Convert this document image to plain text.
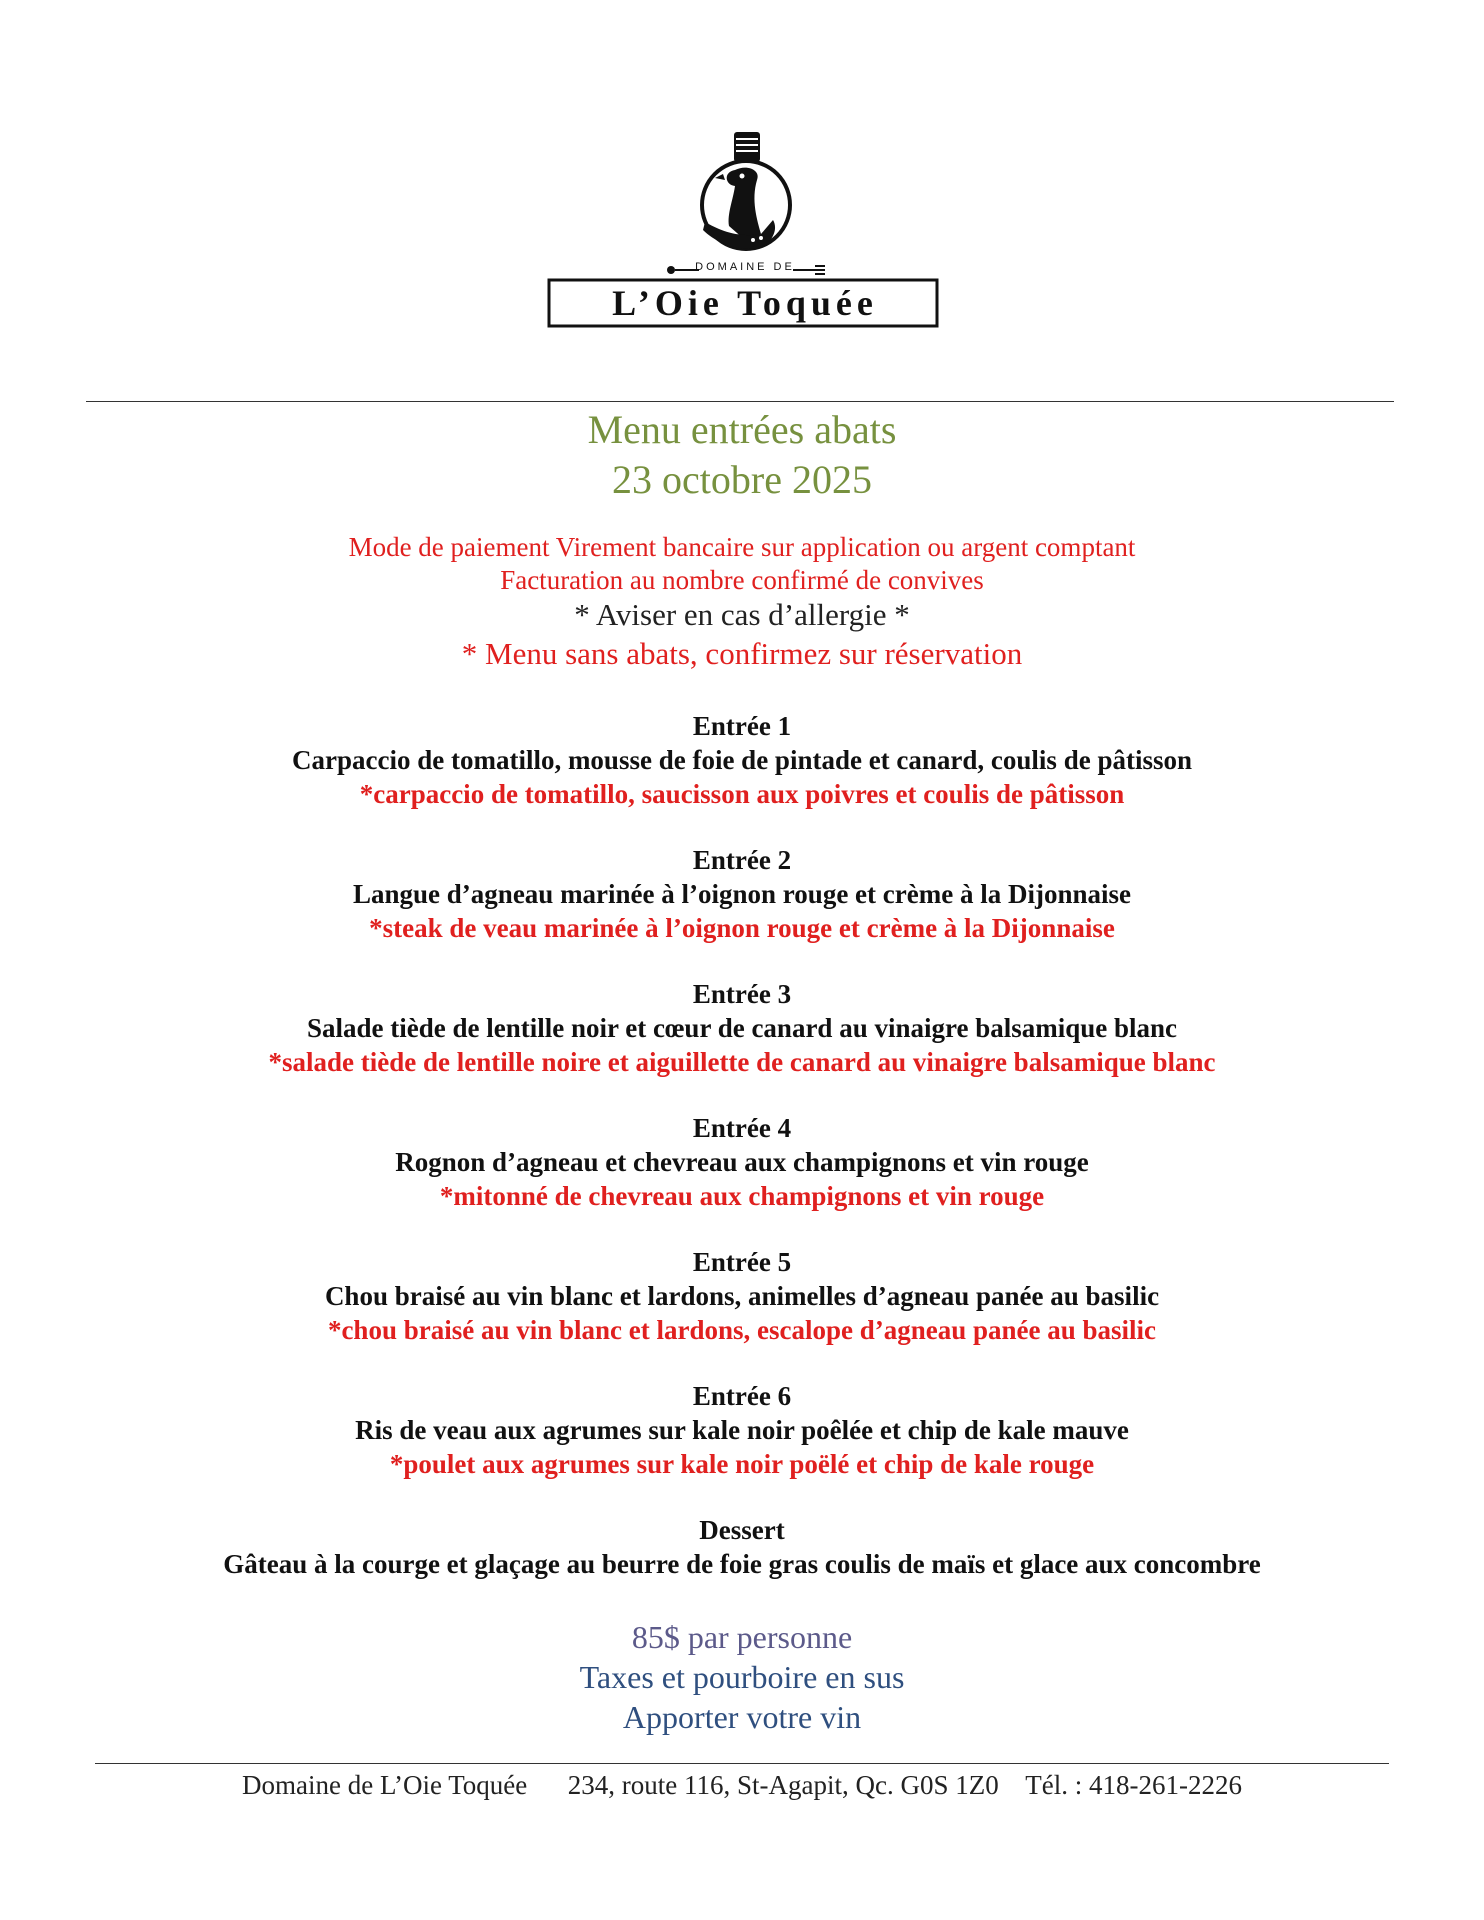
DOMAINE DE
L’Oie Toquée
Menu entrées abats
23 octobre 2025
Mode de paiement Virement bancaire sur application ou argent comptant
Facturation au nombre confirmé de convives
* Aviser en cas d’allergie *
* Menu sans abats, confirmez sur réservation
Entrée 1
Carpaccio de tomatillo, mousse de foie de pintade et canard, coulis de pâtisson
*carpaccio de tomatillo, saucisson aux poivres et coulis de pâtisson
Entrée 2
Langue d’agneau marinée à l’oignon rouge et crème à la Dijonnaise
*steak de veau marinée à l’oignon rouge et crème à la Dijonnaise
Entrée 3
Salade tiède de lentille noir et cœur de canard au vinaigre balsamique blanc
*salade tiède de lentille noire et aiguillette de canard au vinaigre balsamique blanc
Entrée 4
Rognon d’agneau et chevreau aux champignons et vin rouge
*mitonné de chevreau aux champignons et vin rouge
Entrée 5
Chou braisé au vin blanc et lardons, animelles d’agneau panée au basilic
*chou braisé au vin blanc et lardons, escalope d’agneau panée au basilic
Entrée 6
Ris de veau aux agrumes sur kale noir poêlée et chip de kale mauve
*poulet aux agrumes sur kale noir poëlé et chip de kale rouge
Dessert
Gâteau à la courge et glaçage au beurre de foie gras coulis de maïs et glace aux concombre
85$ par personne
Taxes et pourboire en sus
Apporter votre vin
Domaine de L’Oie Toquée 234, route 116, St-Agapit, Qc. G0S 1Z0 Tél. : 418-261-2226
